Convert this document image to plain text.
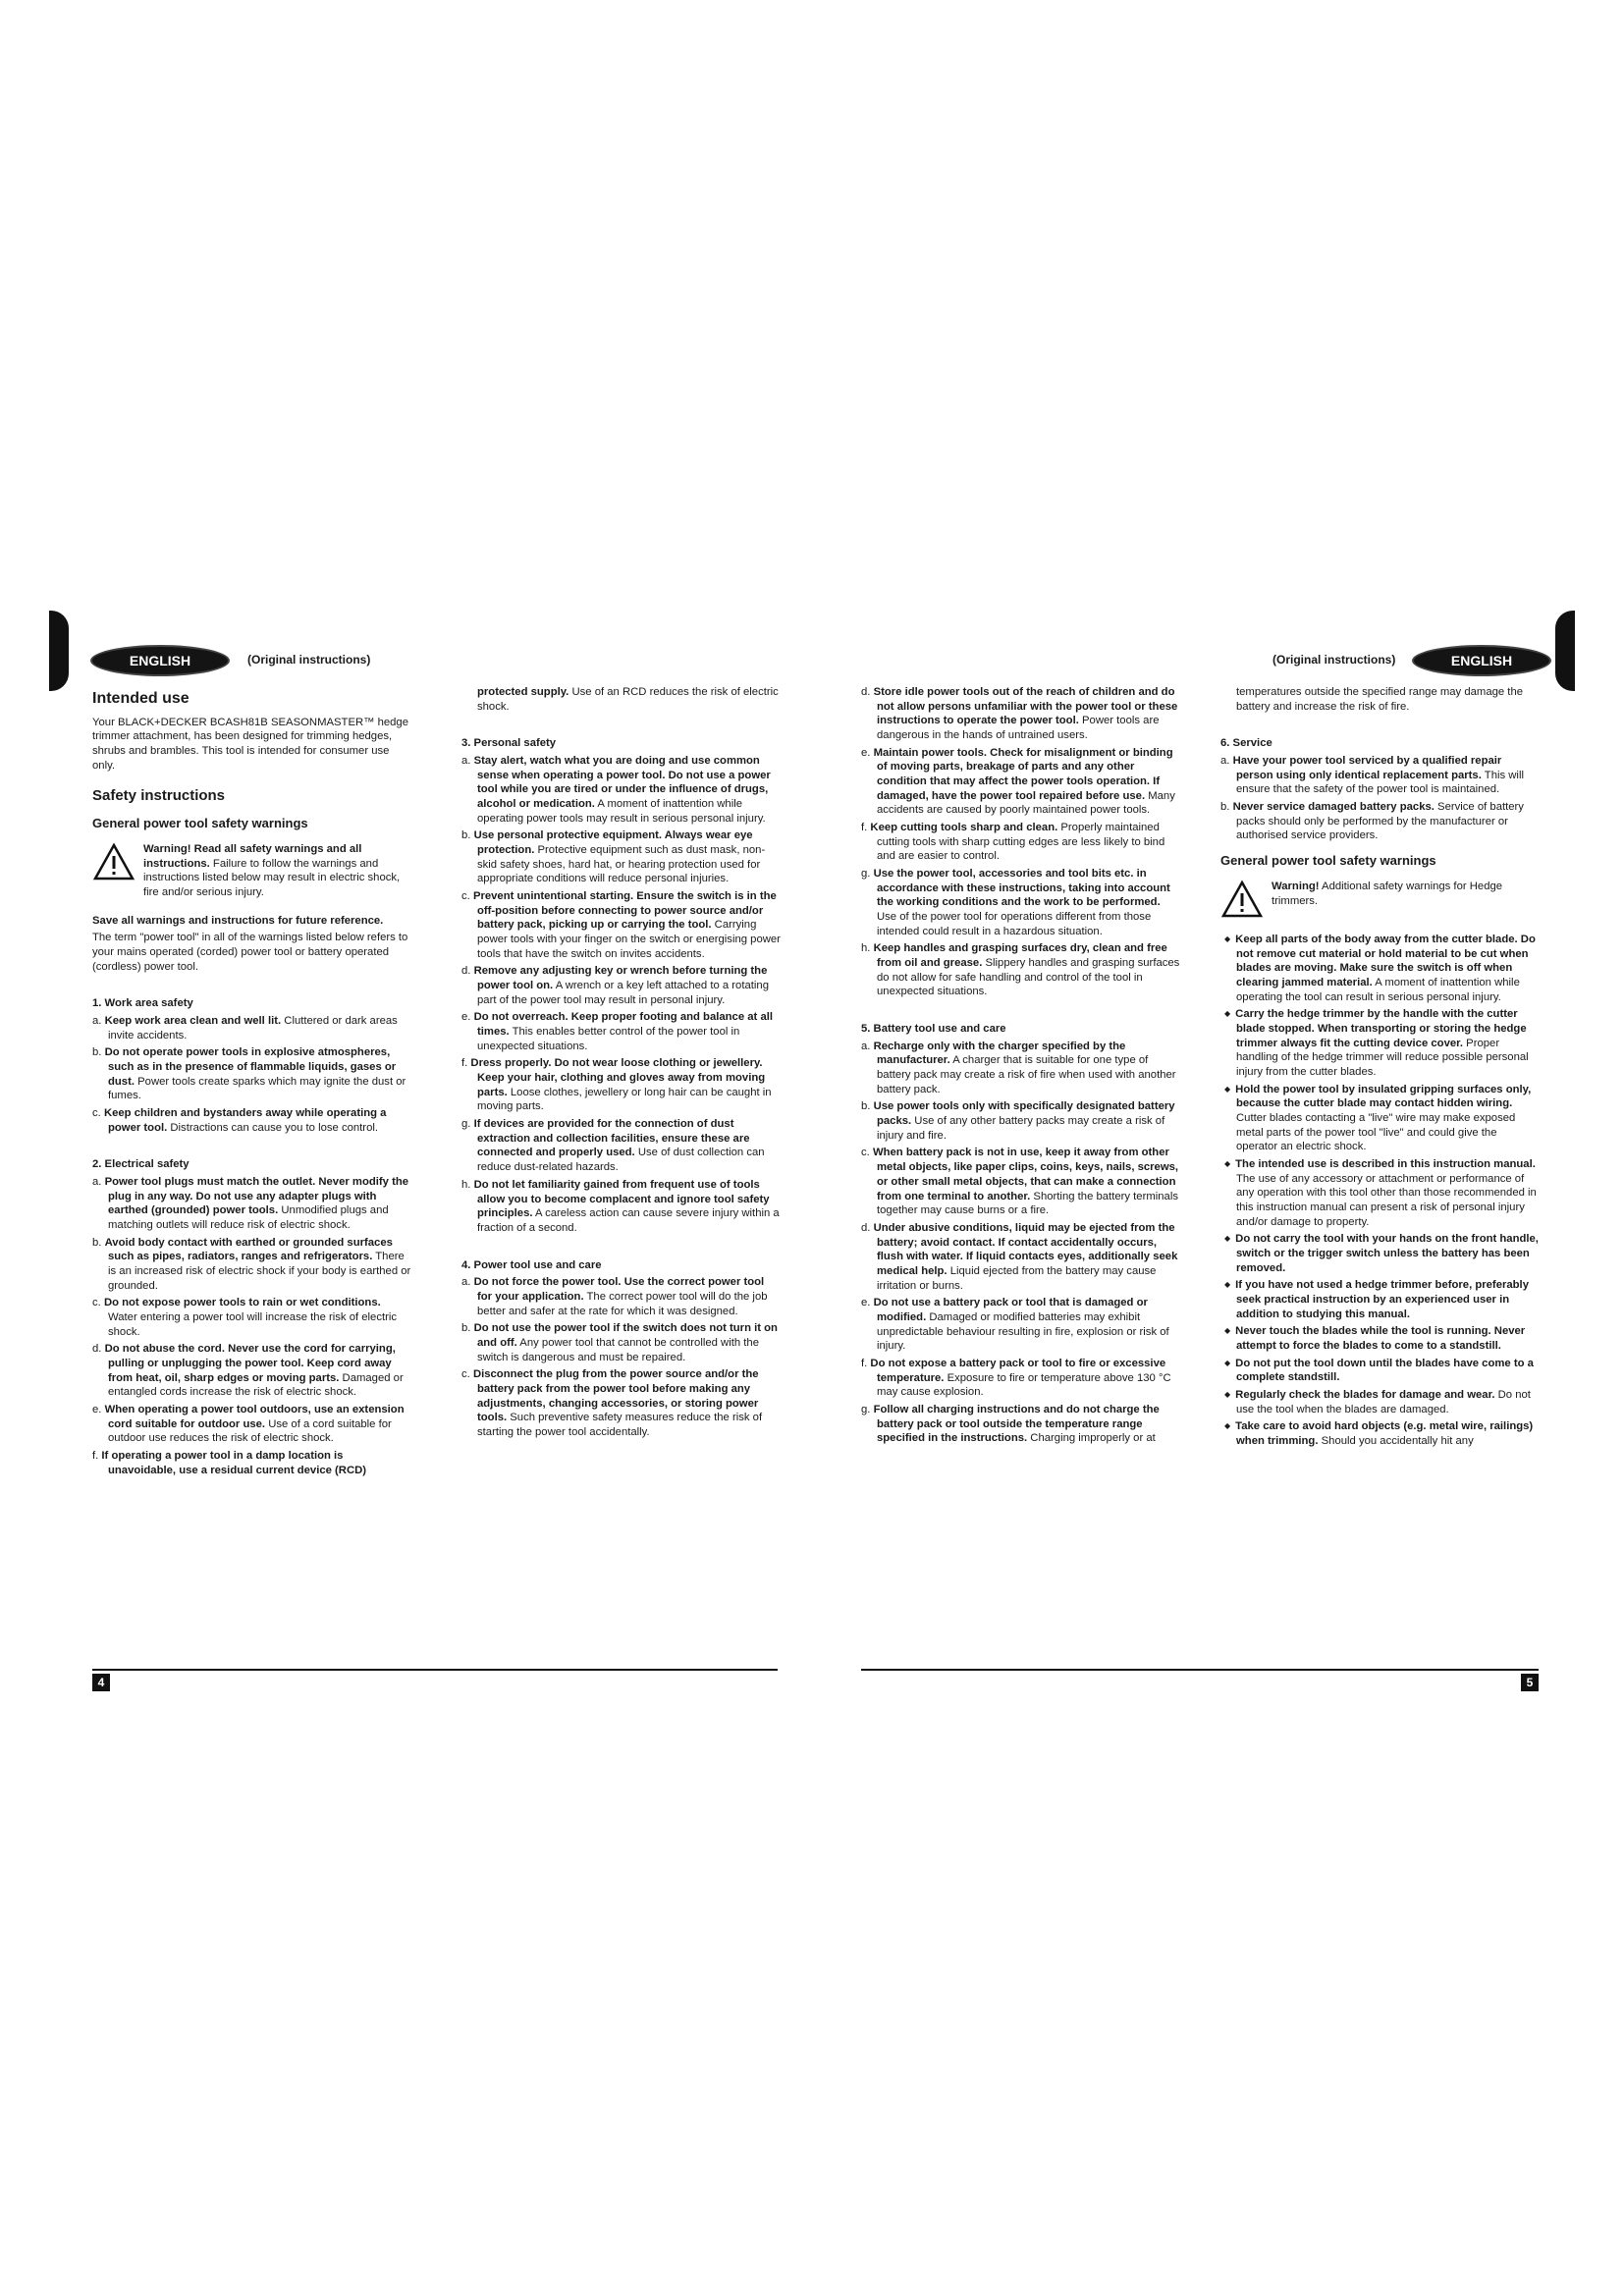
ENGLISH	(Original instructions)	(Original instructions)	ENGLISH
Intended use

Your BLACK+DECKER BCASH81B SEASONMASTER™ hedge trimmer attachment, has been designed for trimming hedges, shrubs and brambles. This tool is intended for consumer use only.

Safety instructions
General power tool safety warnings
Warning! Read all safety warnings and all instructions. Failure to follow the warnings and instructions listed below may result in electric shock, fire and/or serious injury.

Save all warnings and instructions for future reference.

The term "power tool" in all of the warnings listed below refers to your mains operated (corded) power tool or battery operated (cordless) power tool.

1. Work area safety

a. Keep work area clean and well lit. Cluttered or dark areas invite accidents.

b. Do not operate power tools in explosive atmospheres, such as in the presence of flammable liquids, gases or dust. Power tools create sparks which may ignite the dust or fumes.

c. Keep children and bystanders away while operating a power tool. Distractions can cause you to lose control.

2. Electrical safety

a. Power tool plugs must match the outlet. Never modify the plug in any way. Do not use any adapter plugs with earthed (grounded) power tools. Unmodified plugs and matching outlets will reduce risk of electric shock.

b. Avoid body contact with earthed or grounded surfaces such as pipes, radiators, ranges and refrigerators. There is an increased risk of electric shock if your body is earthed or grounded.

c. Do not expose power tools to rain or wet conditions. Water entering a power tool will increase the risk of electric shock.

d. Do not abuse the cord. Never use the cord for carrying, pulling or unplugging the power tool. Keep cord away from heat, oil, sharp edges or moving parts. Damaged or entangled cords increase the risk of electric shock.

e. When operating a power tool outdoors, use an extension cord suitable for outdoor use. Use of a cord suitable for outdoor use reduces the risk of electric shock.

f. If operating a power tool in a damp location is unavoidable, use a residual current device (RCD)

protected supply. Use of an RCD reduces the risk of electric shock.

3. Personal safety

a. Stay alert, watch what you are doing and use common sense when operating a power tool. Do not use a power tool while you are tired or under the influence of drugs, alcohol or medication. A moment of inattention while operating power tools may result in serious personal injury.

b. Use personal protective equipment. Always wear eye protection. Protective equipment such as dust mask, non-skid safety shoes, hard hat, or hearing protection used for appropriate conditions will reduce personal injuries.

c. Prevent unintentional starting. Ensure the switch is in the off-position before connecting to power source and/or battery pack, picking up or carrying the tool. Carrying power tools with your finger on the switch or energising power tools that have the switch on invites accidents.

d. Remove any adjusting key or wrench before turning the power tool on. A wrench or a key left attached to a rotating part of the power tool may result in personal injury.

e. Do not overreach. Keep proper footing and balance at all times. This enables better control of the power tool in unexpected situations.

f. Dress properly. Do not wear loose clothing or jewellery. Keep your hair, clothing and gloves away from moving parts. Loose clothes, jewellery or long hair can be caught in moving parts.

g. If devices are provided for the connection of dust extraction and collection facilities, ensure these are connected and properly used. Use of dust collection can reduce dust-related hazards.

h. Do not let familiarity gained from frequent use of tools allow you to become complacent and ignore tool safety principles. A careless action can cause severe injury within a fraction of a second.

4. Power tool use and care

a. Do not force the power tool. Use the correct power tool for your application. The correct power tool will do the job better and safer at the rate for which it was designed.

b. Do not use the power tool if the switch does not turn it on and off. Any power tool that cannot be controlled with the switch is dangerous and must be repaired.

c. Disconnect the plug from the power source and/or the battery pack from the power tool before making any adjustments, changing accessories, or storing power tools. Such preventive safety measures reduce the risk of starting the power tool accidentally.

d. Store idle power tools out of the reach of children and do not allow persons unfamiliar with the power tool or these instructions to operate the power tool. Power tools are dangerous in the hands of untrained users.

e. Maintain power tools. Check for misalignment or binding of moving parts, breakage of parts and any other condition that may affect the power tools operation. If damaged, have the power tool repaired before use. Many accidents are caused by poorly maintained power tools.

f. Keep cutting tools sharp and clean. Properly maintained cutting tools with sharp cutting edges are less likely to bind and are easier to control.

g. Use the power tool, accessories and tool bits etc. in accordance with these instructions, taking into account the working conditions and the work to be performed. Use of the power tool for operations different from those intended could result in a hazardous situation.

h. Keep handles and grasping surfaces dry, clean and free from oil and grease. Slippery handles and grasping surfaces do not allow for safe handling and control of the tool in unexpected situations.

5. Battery tool use and care

a. Recharge only with the charger specified by the manufacturer. A charger that is suitable for one type of battery pack may create a risk of fire when used with another battery pack.

b. Use power tools only with specifically designated battery packs. Use of any other battery packs may create a risk of injury and fire.

c. When battery pack is not in use, keep it away from other metal objects, like paper clips, coins, keys, nails, screws, or other small metal objects, that can make a connection from one terminal to another. Shorting the battery terminals together may cause burns or a fire.

d. Under abusive conditions, liquid may be ejected from the battery; avoid contact. If contact accidentally occurs, flush with water. If liquid contacts eyes, additionally seek medical help. Liquid ejected from the battery may cause irritation or burns.

e. Do not use a battery pack or tool that is damaged or modified. Damaged or modified batteries may exhibit unpredictable behaviour resulting in fire, explosion or risk of injury.

f. Do not expose a battery pack or tool to fire or excessive temperature. Exposure to fire or temperature above 130 °C may cause explosion.

g. Follow all charging instructions and do not charge the battery pack or tool outside the temperature range specified in the instructions. Charging improperly or at

temperatures outside the specified range may damage the battery and increase the risk of fire.

6. Service

a. Have your power tool serviced by a qualified repair person using only identical replacement parts. This will ensure that the safety of the power tool is maintained.

b. Never service damaged battery packs. Service of battery packs should only be performed by the manufacturer or authorised service providers.

General power tool safety warnings
Warning! Additional safety warnings for Hedge trimmers.

◆ Keep all parts of the body away from the cutter blade. Do not remove cut material or hold material to be cut when blades are moving. Make sure the switch is off when clearing jammed material. A moment of inattention while operating the tool can result in serious personal injury.

◆ Carry the hedge trimmer by the handle with the cutter blade stopped. When transporting or storing the hedge trimmer always fit the cutting device cover. Proper handling of the hedge trimmer will reduce possible personal injury from the cutter blades.

◆ Hold the power tool by insulated gripping surfaces only, because the cutter blade may contact hidden wiring. Cutter blades contacting a "live" wire may make exposed metal parts of the power tool "live" and could give the operator an electric shock.

◆ The intended use is described in this instruction manual. The use of any accessory or attachment or performance of any operation with this tool other than those recommended in this instruction manual can present a risk of personal injury and/or damage to property.

◆ Do not carry the tool with your hands on the front handle, switch or the trigger switch unless the battery has been removed.

◆ If you have not used a hedge trimmer before, preferably seek practical instruction by an experienced user in addition to studying this manual.

◆ Never touch the blades while the tool is running. Never attempt to force the blades to come to a standstill.

◆ Do not put the tool down until the blades have come to a complete standstill.

◆ Regularly check the blades for damage and wear. Do not use the tool when the blades are damaged.

◆ Take care to avoid hard objects (e.g. metal wire, railings) when trimming. Should you accidentally hit any

4	5
